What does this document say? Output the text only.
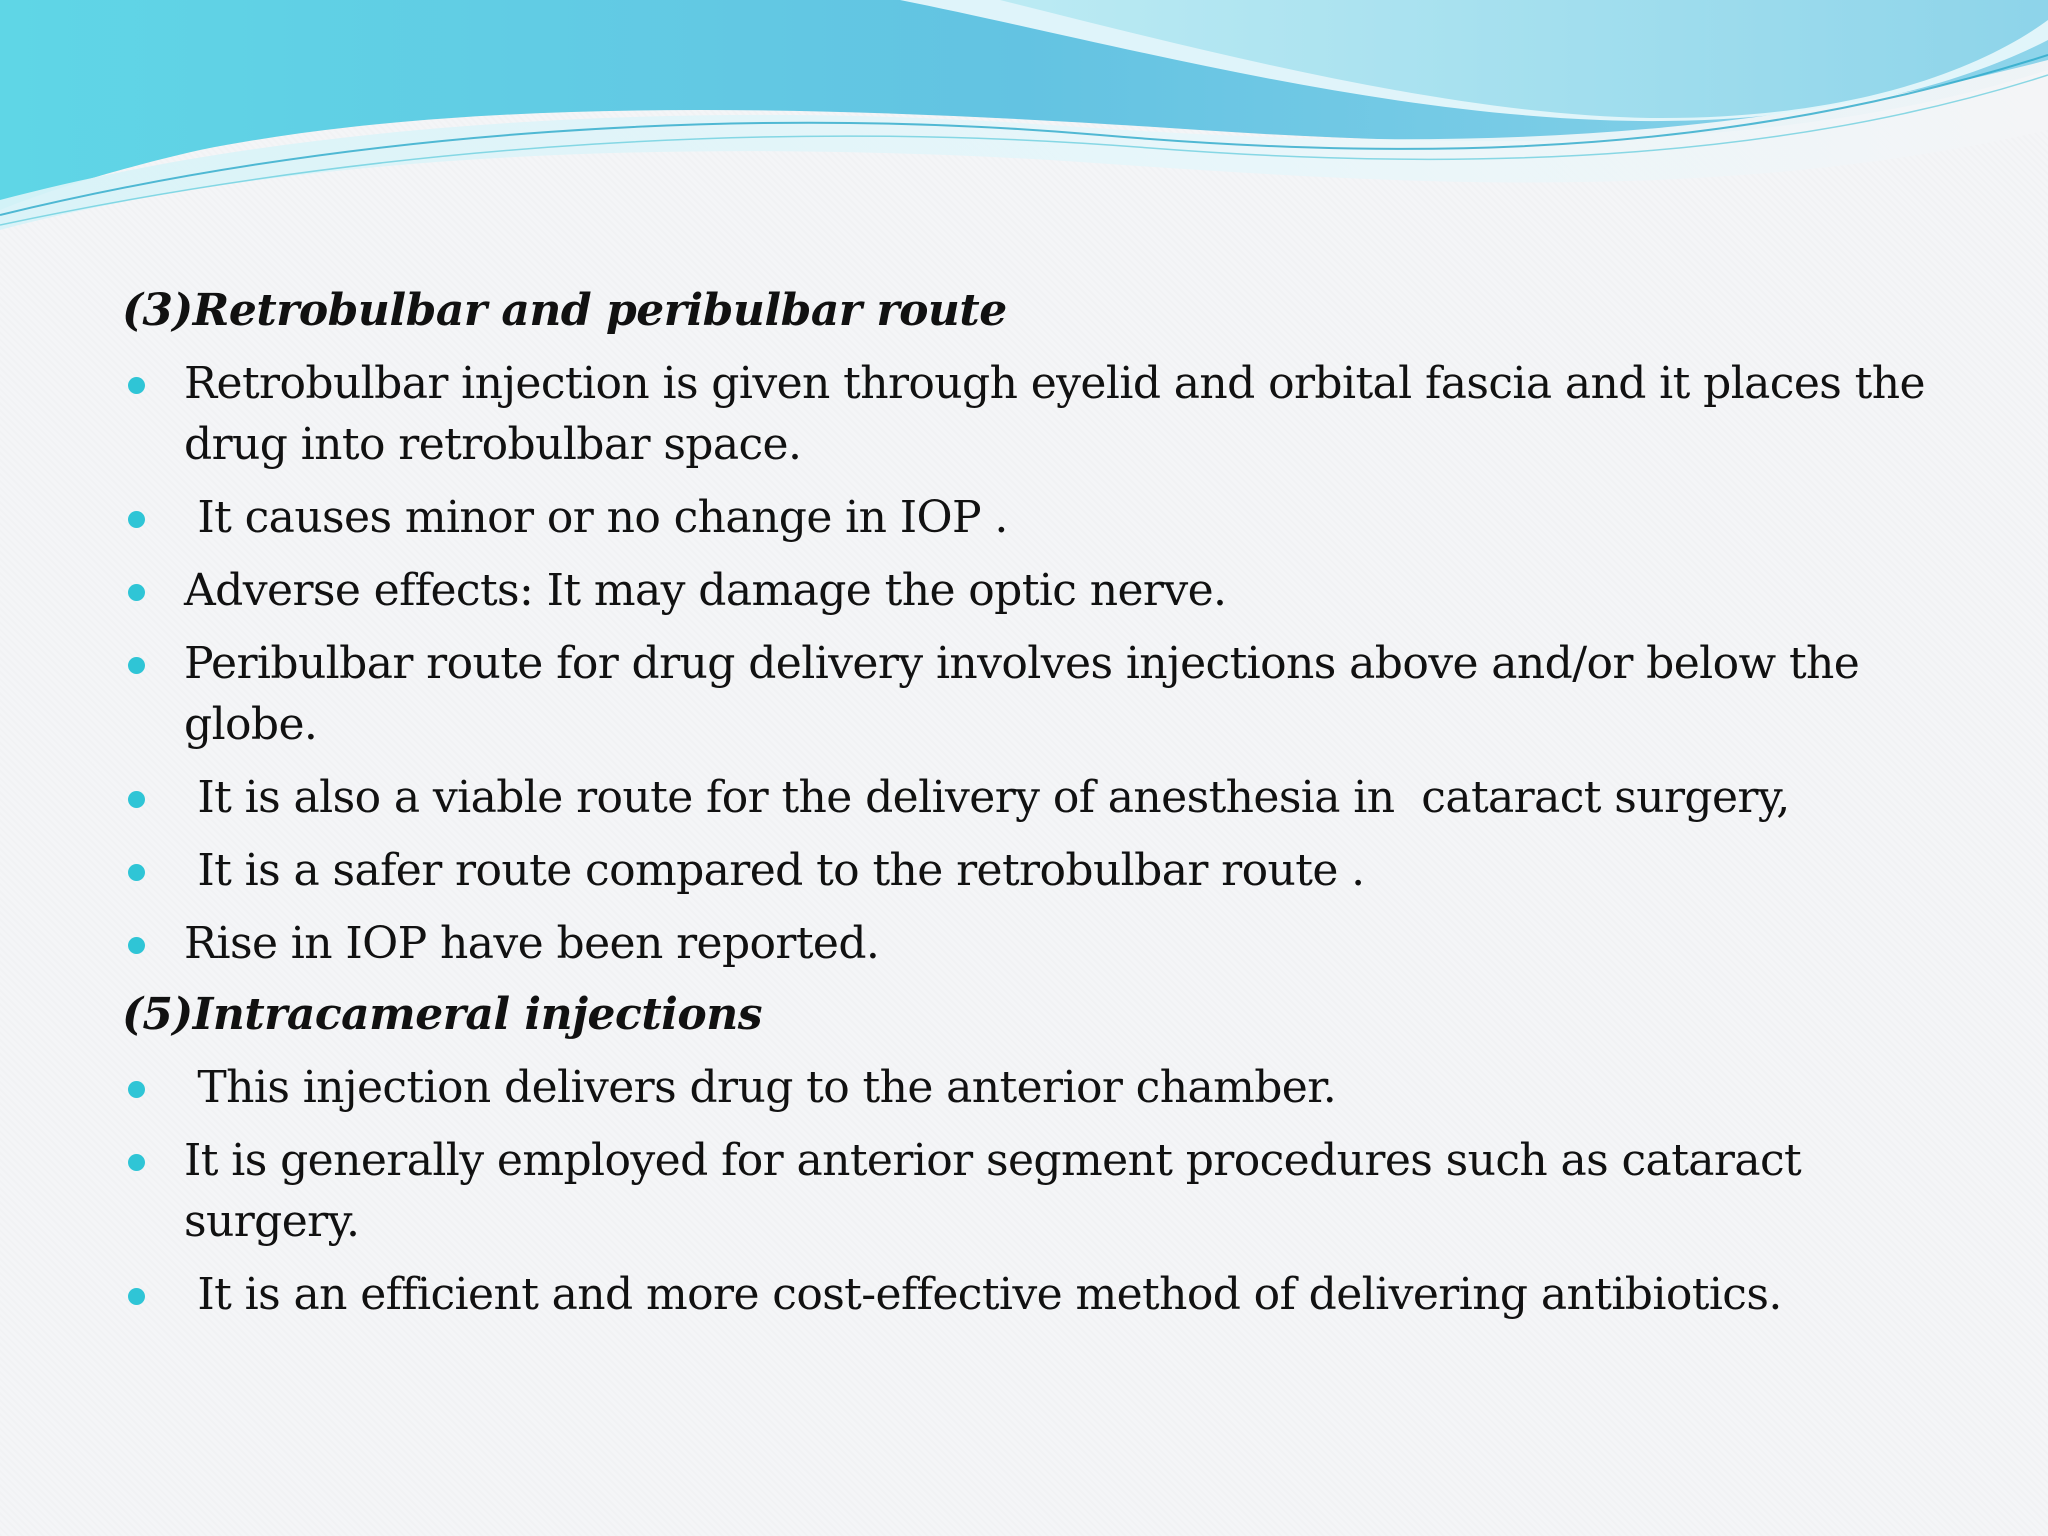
(3)Retrobulbar and peribulbar route
Retrobulbar injection is given through eyelid and orbital fascia and it places the drug into retrobulbar space.
It causes minor or no change in IOP .
Adverse effects: It may damage the optic nerve.
Peribulbar route for drug delivery involves injections above and/or below the globe.
It is also a viable route for the delivery of anesthesia in  cataract surgery,
It is a safer route compared to the retrobulbar route .
Rise in IOP have been reported.
(5)Intracameral injections
This injection delivers drug to the anterior chamber.
It is generally employed for anterior segment procedures such as cataract surgery.
It is an efficient and more cost-effective method of delivering antibiotics.
